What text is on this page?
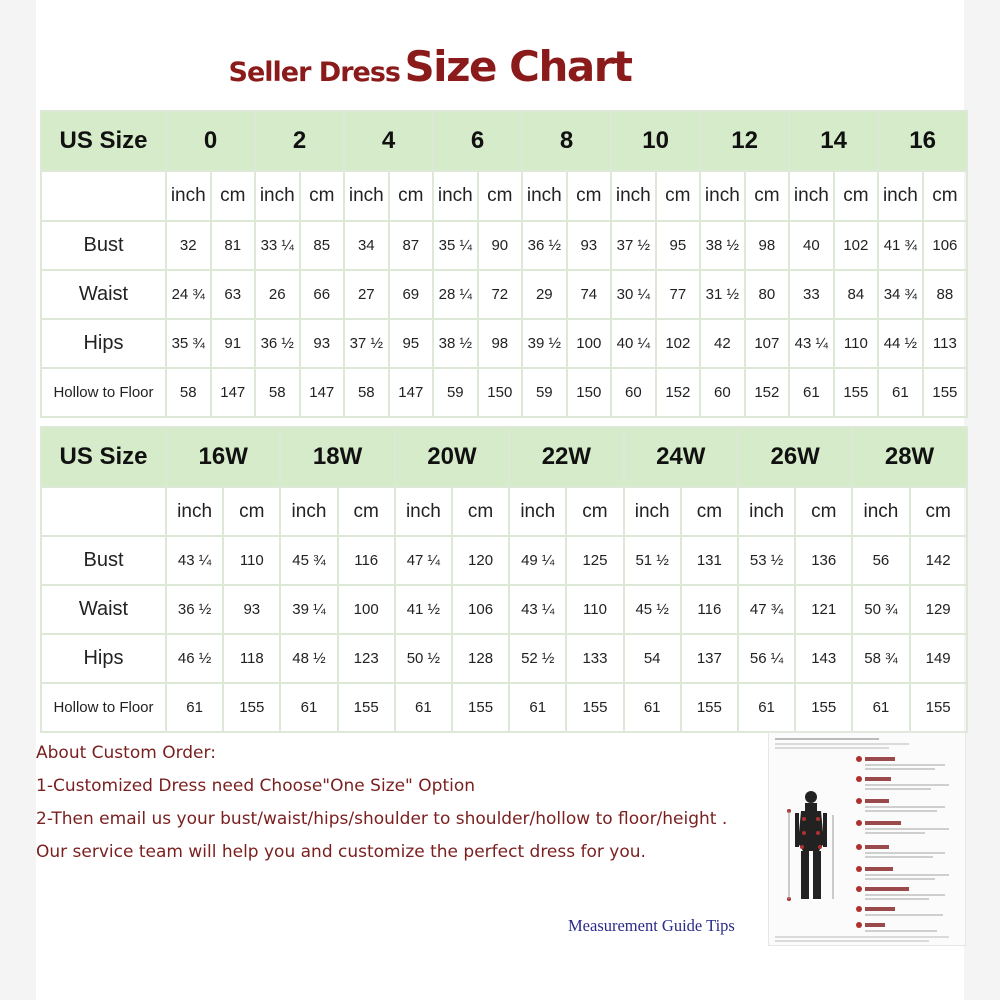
Seller Dress Size Chart
US Size	0		2		4		6		8		10		12		14		16	
	inch	cm	inch	cm	inch	cm	inch	cm	inch	cm	inch	cm	inch	cm	inch	cm	inch	cm
Bust	32	81	33 ¼	85	34	87	35 ¼	90	36 ½	93	37 ½	95	38 ½	98	40	102	41 ¾	106
Waist	24 ¾	63	26	66	27	69	28 ¼	72	29	74	30 ¼	77	31 ½	80	33	84	34 ¾	88
Hips	35 ¾	91	36 ½	93	37 ½	95	38 ½	98	39 ½	100	40 ¼	102	42	107	43 ¼	110	44 ½	113
Hollow to Floor	58	147	58	147	58	147	59	150	59	150	60	152	60	152	61	155	61	155
US Size	16W		18W		20W		22W		24W		26W		28W	
	inch	cm	inch	cm	inch	cm	inch	cm	inch	cm	inch	cm	inch	cm
Bust	43 ¼	110	45 ¾	116	47 ¼	120	49 ¼	125	51 ½	131	53 ½	136	56	142
Waist	36 ½	93	39 ¼	100	41 ½	106	43 ¼	110	45 ½	116	47 ¾	121	50 ¾	129
Hips	46 ½	118	48 ½	123	50 ½	128	52 ½	133	54	137	56 ¼	143	58 ¾	149
Hollow to Floor	61	155	61	155	61	155	61	155	61	155	61	155	61	155
About Custom Order:
1-Customized Dress need Choose"One Size" Option
2-Then email us your bust/waist/hips/shoulder to shoulder/hollow to floor/height .
Our service team will help you and customize the perfect dress for you.
Measurement Guide Tips
